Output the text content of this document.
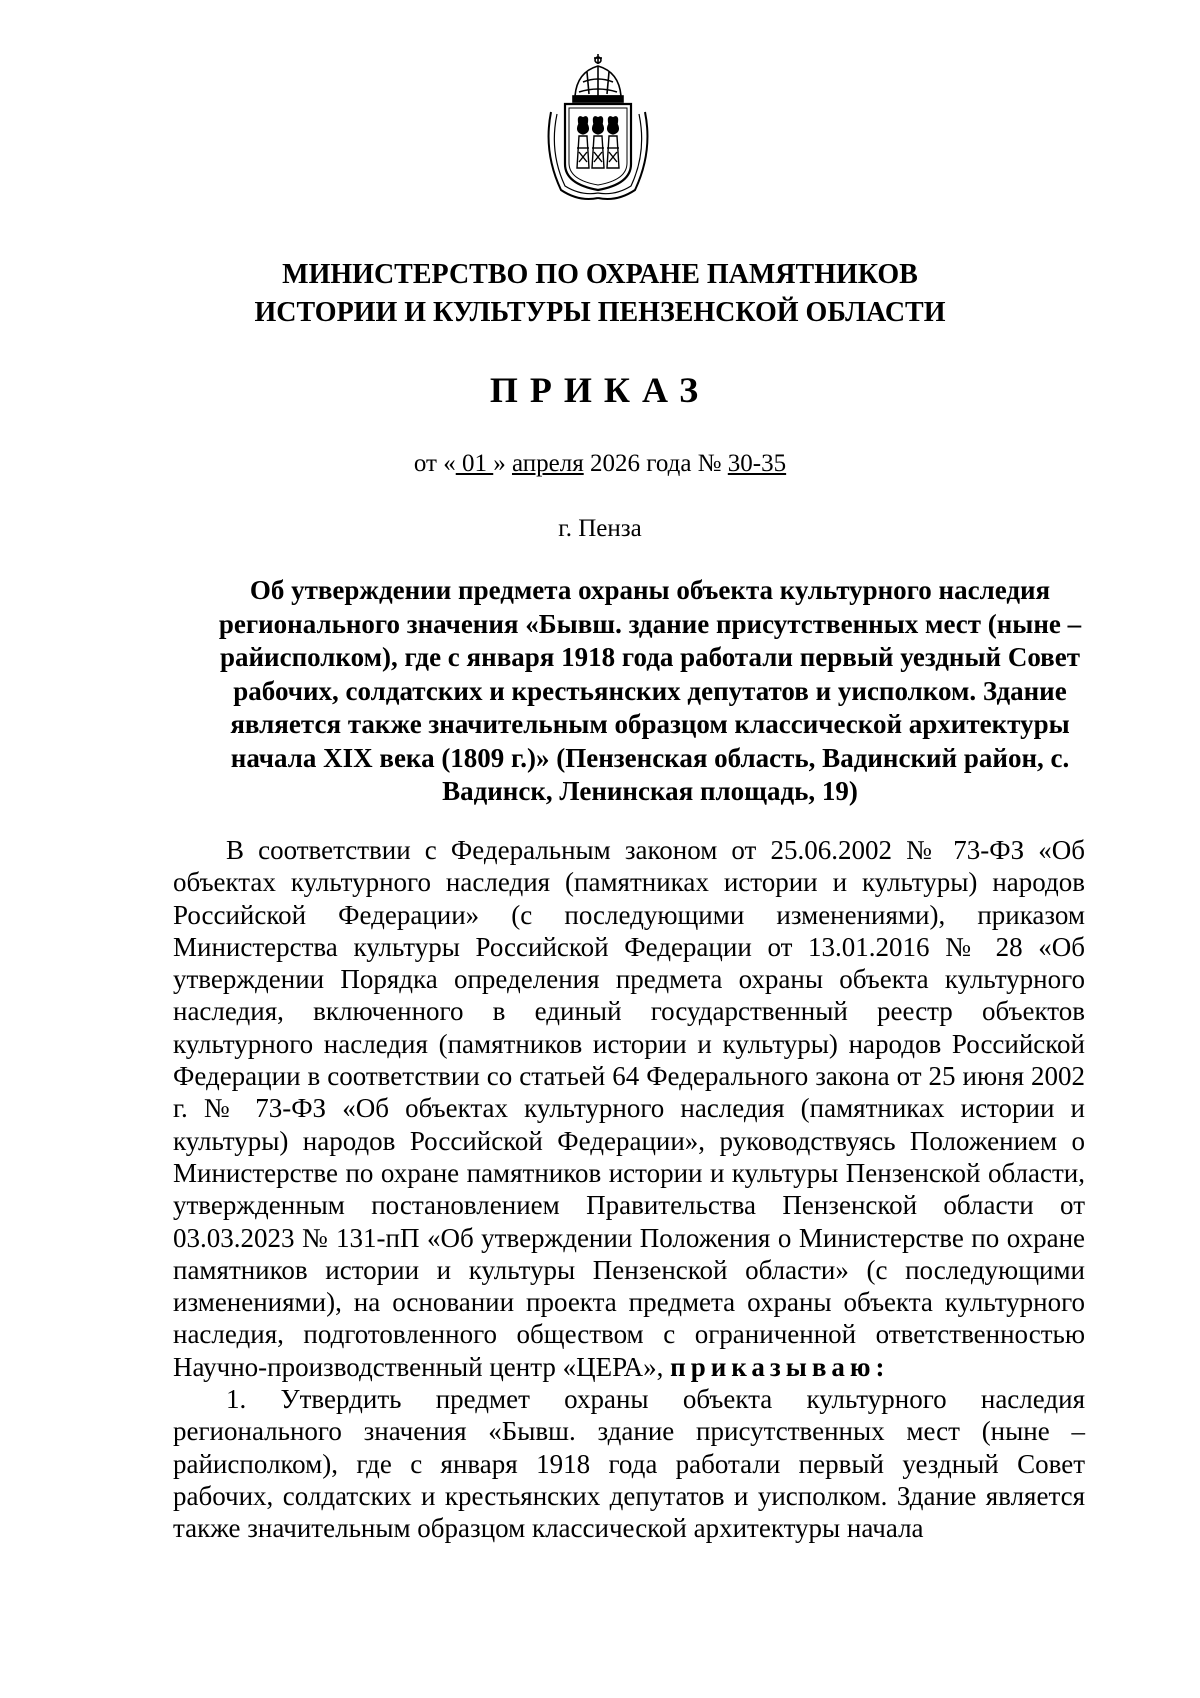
МИНИСТЕРСТВО ПО ОХРАНЕ ПАМЯТНИКОВ
ИСТОРИИ И КУЛЬТУРЫ ПЕНЗЕНСКОЙ ОБЛАСТИ
ПРИКАЗ
от « 01 » апреля 2026 года № 30-35
г. Пенза
Об утверждении предмета охраны объекта культурного наследия регионального значения «Бывш. здание присутственных мест (ныне – райисполком), где с января 1918 года работали первый уездный Совет рабочих, солдатских и крестьянских депутатов и уисполком. Здание является также значительным образцом классической архитектуры начала XIX века (1809 г.)» (Пензенская область, Вадинский район, с. Вадинск, Ленинская площадь, 19)

В соответствии с Федеральным законом от 25.06.2002 № 73-ФЗ «Об объектах культурного наследия (памятниках истории и культуры) народов Российской Федерации» (с последующими изменениями), приказом Министерства культуры Российской Федерации от 13.01.2016 № 28 «Об утверждении Порядка определения предмета охраны объекта культурного наследия, включенного в единый государственный реестр объектов культурного наследия (памятников истории и культуры) народов Российской Федерации в соответствии со статьей 64 Федерального закона от 25 июня 2002 г. № 73-ФЗ «Об объектах культурного наследия (памятниках истории и культуры) народов Российской Федерации», руководствуясь Положением о Министерстве по охране памятников истории и культуры Пензенской области, утвержденным постановлением Правительства Пензенской области от 03.03.2023 № 131-пП «Об утверждении Положения о Министерстве по охране памятников истории и культуры Пензенской области» (с последующими изменениями), на основании проекта предмета охраны объекта культурного наследия, подготовленного обществом с ограниченной ответственностью Научно-производственный центр «ЦЕРА», приказываю:

1. Утвердить предмет охраны объекта культурного наследия регионального значения «Бывш. здание присутственных мест (ныне – райисполком), где с января 1918 года работали первый уездный Совет рабочих, солдатских и крестьянских депутатов и уисполком. Здание является также значительным образцом классической архитектуры начала
